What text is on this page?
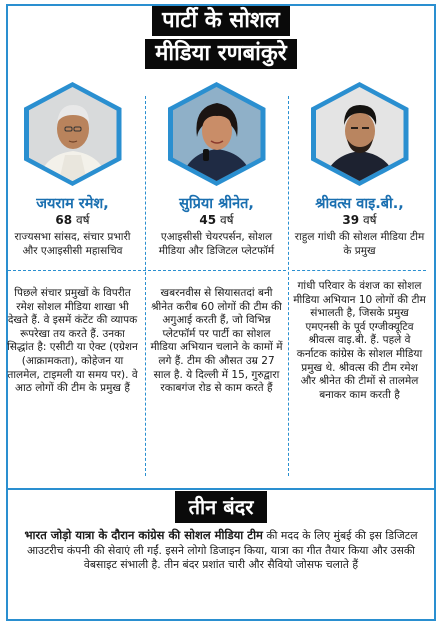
पार्टी के सोशल
मीडिया रणबांकुरे
जयराम रमेश,
68 वर्ष
राज्यसभा सांसद, संचार प्रभारी और एआइसीसी महासचिव
सुप्रिया श्रीनेत,
45 वर्ष
एआइसीसी चेयरपर्सन, सोशल मीडिया और डिजिटल प्लेटफॉर्म
श्रीवत्स वाइ.बी.,
39 वर्ष
राहुल गांधी की सोशल मीडिया टीम के प्रमुख
पिछले संचार प्रमुखों के विपरीत रमेश सोशल मीडिया शाखा भी देखते हैं. वे इसमें कंटेंट की व्यापक रूपरेखा तय करते हैं. उनका सिद्धांत है: एसीटी या ऐक्ट (एग्रेशन (आक्रामकता), कोहेजन या तालमेल, टाइमली या समय पर). वे आठ लोगों की टीम के प्रमुख हैं
खबरनवीस से सियासतदां बनी श्रीनेत करीब 60 लोगों की टीम की अगुआई करती हैं, जो विभिन्न प्लेटफॉर्म पर पार्टी का सोशल मीडिया अभियान चलाने के कामों में लगे हैं. टीम की औसत उम्र 27 साल है. ये दिल्ली में 15, गुरुद्वारा रकाबगंज रोड से काम करते हैं
गांधी परिवार के वंशज का सोशल मीडिया अभियान 10 लोगों की टीम संभालती है, जिसके प्रमुख एमएनसी के पूर्व एग्जीक्यूटिव श्रीवत्स वाइ.बी. हैं. पहले वे कर्नाटक कांग्रेस के सोशल मीडिया प्रमुख थे. श्रीवत्स की टीम रमेश और श्रीनेत की टीमों से तालमेल बनाकर काम करती है
तीन बंदर
भारत जोड़ो यात्रा के दौरान कांग्रेस की सोशल मीडिया टीम की मदद के लिए मुंबई की इस डिजिटल आउटरीच कंपनी की सेवाएं ली गईं. इसने लोगो डिजाइन किया, यात्रा का गीत तैयार किया और उसकी वेबसाइट संभाली है. तीन बंदर प्रशांत चारी और सैवियो जोसफ चलाते हैं
